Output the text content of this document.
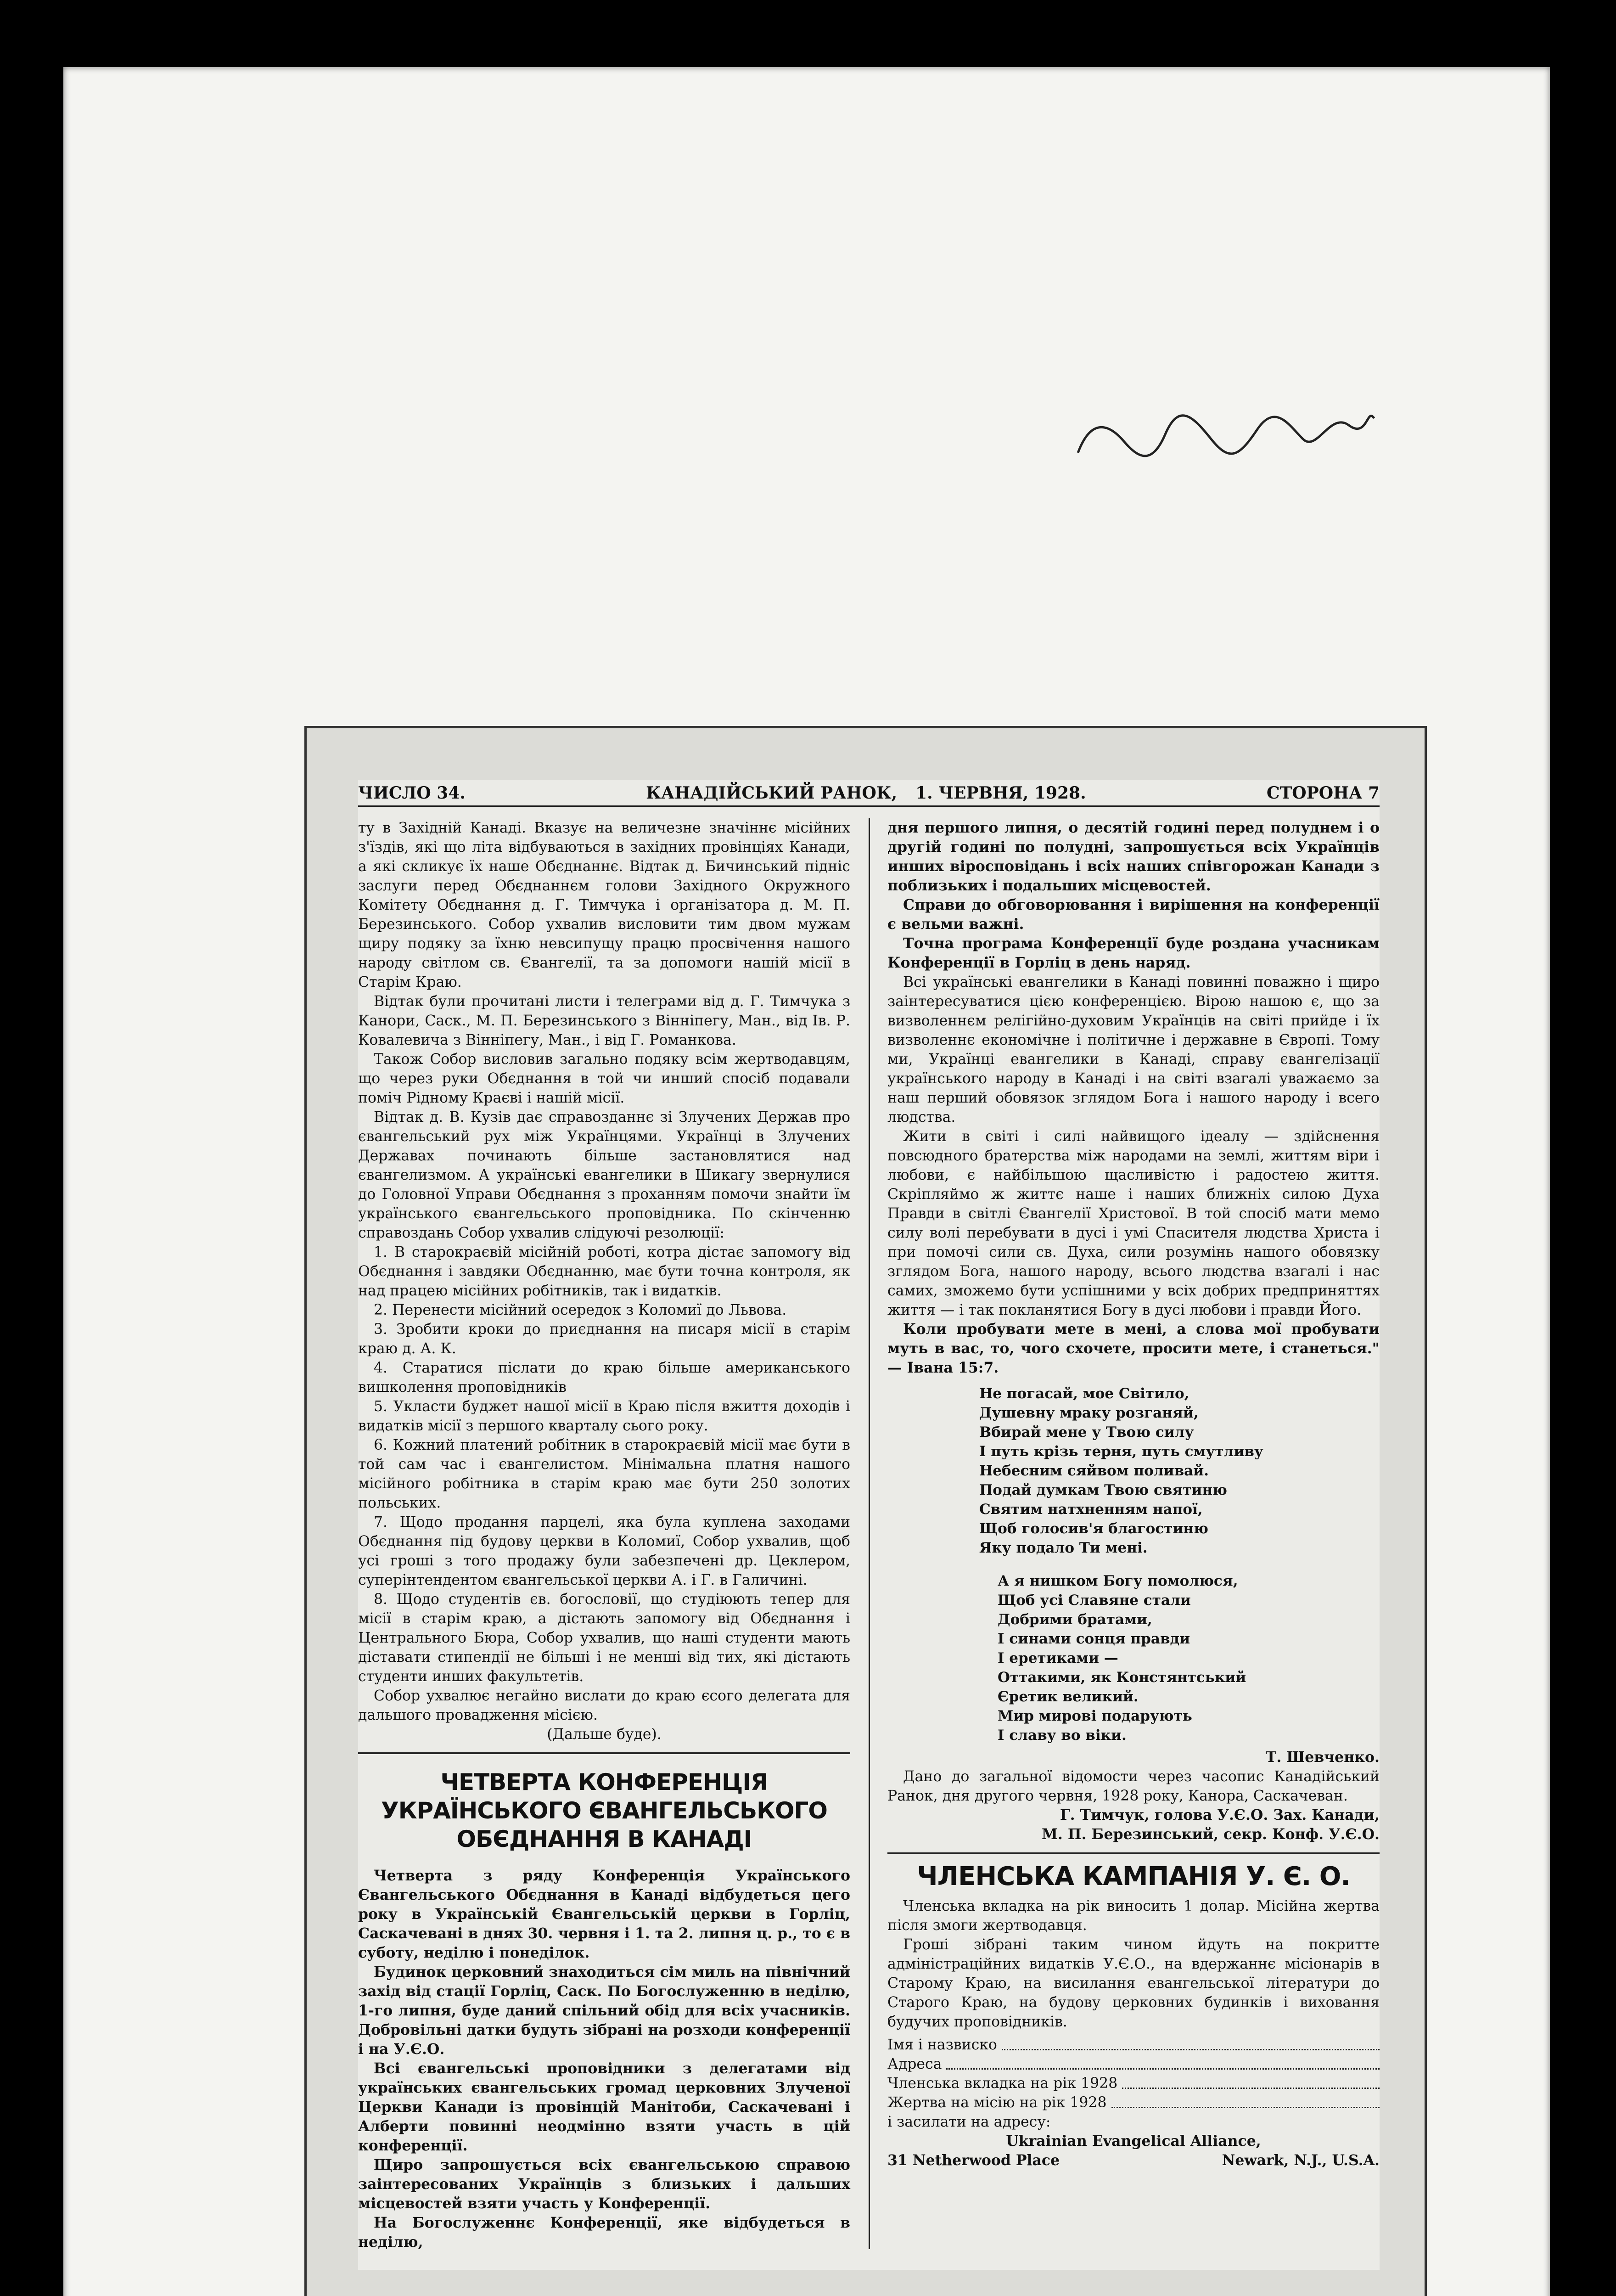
ЧИСЛО 34.	КАНАДІЙСЬКИЙ РАНОК, 1. ЧЕРВНЯ, 1928.	СТОРОНА 7

ту в Західній Канаді. Вказує на величезне значіннє місійних з'їздів, які що літа відбуваються в західних провінціях Канади, а які скликує їх наше Обєднаннє. Відтак д. Бичинський підніс заслуги перед Обєднаннєм голови Західного Окружного Комітету Обєднання д. Г. Тимчука і організатора д. М. П. Березинського. Собор ухвалив висловити тим двом мужам щиру подяку за їхню невсипущу працю просвічення нашого народу світлом св. Євангелії, та за допомоги нашій місії в Старім Краю.

Відтак були прочитані листи і телеграми від д. Г. Тимчука з Канори, Саск., М. П. Березинського з Вінніпегу, Ман., від Ів. Р. Ковалевича з Вінніпегу, Ман., і від Г. Романкова.

Також Собор висловив загально подяку всім жертводавцям, що через руки Обєднання в той чи инший спосіб подавали поміч Рідному Краєві і нашій місії.

Відтак д. В. Кузів дає справозданнє зі Злучених Держав про євангельський рух між Українцями. Українці в Злучених Державах починають більше застановлятися над євангелизмом. А українські евангелики в Шикагу звернулися до Головної Управи Обєднання з проханням помочи знайти їм українського євангельського проповідника. По скінченню справоздань Собор ухвалив слідуючі резолюції:

1. В старокраєвій місійній роботі, котра дістає запомогу від Обєднання і завдяки Обєднанню, має бути точна контроля, як над працею місійних робітників, так і видатків.

2. Перенести місійний осередок з Коломиї до Львова.

3. Зробити кроки до приєднання на писаря місії в старім краю д. А. К.

4. Старатися післати до краю більше американського вишколення проповідників

5. Укласти буджет нашої місії в Краю після вжиття доходів і видатків місії з першого кварталу сього року.

6. Кожний платений робітник в старокраєвій місії має бути в той сам час і євангелистом. Мінімальна платня нашого місійного робітника в старім краю має бути 250 золотих польських.

7. Щодо продання парцелі, яка була куплена заходами Обєднання під будову церкви в Коломиї, Собор ухвалив, щоб усі гроші з того продажу були забезпечені др. Цеклером, суперінтендентом євангельської церкви А. і Г. в Галичині.

8. Щодо студентів єв. богословії, що студіюють тепер для місії в старім краю, а дістають запомогу від Обєднання і Центрального Бюра, Собор ухвалив, що наші студенти мають діставати стипендії не більші і не менші від тих, які дістають студенти инших факультетів.

Собор ухвалює негайно вислати до краю єсого делегата для дальшого провадження місією.

(Дальше буде).

ЧЕТВЕРТА КОНФЕРЕНЦІЯ УКРАЇНСЬКОГО ЄВАНГЕЛЬСЬКОГО ОБЄДНАННЯ В КАНАДІ

Четверта з ряду Конференція Українського Євангельського Обєднання в Канаді відбудеться цего року в Українській Євангельській церкви в Горліц, Саскачевані в днях 30. червня і 1. та 2. липня ц. р., то є в суботу, неділю і понеділок.

Будинок церковний знаходиться сім миль на північний захід від стації Горліц, Саск. По Богослуженню в неділю, 1-го липня, буде даний спільний обід для всіх учасників. Добровільні датки будуть зібрані на розходи конференції і на У.Є.О.

Всі євангельські проповідники з делегатами від українських євангельських громад церковних Злученої Церкви Канади із провінцій Манітоби, Саскачевані і Алберти повинні неодмінно взяти участь в цій конференції.

Щиро запрошується всіх євангельською справою заінтересованих Українців з близьких і дальших місцевостей взяти участь у Конференції.

На Богослуженнє Конференції, яке відбудеться в неділю,

дня першого липня, о десятій годині перед полуднем і о другій годині по полудні, запрошується всіх Українців инших віросповідань і всіх наших співгорожан Канади з поблизьких і подальших місцевостей.

Справи до обговорювання і вирішення на конференції є вельми важні.

Точна програма Конференції буде роздана учасникам Конференції в Горліц в день наряд.

Всі українські евангелики в Канаді повинні поважно і щиро заінтересуватися цією конференцією. Вірою нашою є, що за визволеннєм релігійно-духовим Українців на світі прийде і їх визволеннє економічне і політичне і державне в Європі. Тому ми, Українці евангелики в Канаді, справу євангелізації українського народу в Канаді і на світі взагалі уважаємо за наш перший обовязок зглядом Бога і нашого народу і всего людства.

Жити в світі і силі найвищого ідеалу — здійснення повсюдного братерства між народами на землі, життям віри і любови, є найбільшою щасливістю і радостею життя. Скріпляймо ж життє наше і наших ближніх силою Духа Правди в світлі Євангелії Христової. В той спосіб мати мемо силу волі перебувати в дусі і умі Спасителя людства Христа і при помочі сили св. Духа, сили розумінь нашого обовязку зглядом Бога, нашого народу, всього людства взагалі і нас самих, зможемо бути успішними у всіх добрих предприняттях життя — і так покланятися Богу в дусі любови і правди Його.

Коли пробувати мете в мені, а слова мої пробувати муть в вас, то, чого схочете, просити мете, і станеться." — Івана 15:7.

Не погасай, мое Світило,
Душевну мраку розганяй,
Вбирай мене у Твою силу
І путь крізь терня, путь смутливу
Небесним сяйвом поливай.
Подай думкам Твою святиню
Святим натхненням напої,
Щоб голосив'я благостиню
Яку подало Ти мені.
А я нишком Богу помолюся,
Щоб усі Славяне стали
Добрими братами,
І синами сонця правди
І еретиками —
Оттакими, як Констянтський
Єретик великий.
Мир мирові подарують
І славу во віки.
Т. Шевченко.

Дано до загальної відомости через часопис Канадійський Ранок, дня другого червня, 1928 року, Канора, Саскачеван.

Г. Тимчук, голова У.Є.О. Зах. Канади,
М. П. Березинський, секр. Конф. У.Є.О.
ЧЛЕНСЬКА КАМПАНІЯ У. Є. О.

Членська вкладка на рік виносить 1 долар. Місійна жертва після змоги жертводавця.

Гроші зібрані таким чином йдуть на покритте адміністраційних видатків У.Є.О., на вдержаннє місіонарів в Старому Краю, на висилання евангельської літератури до Старого Краю, на будову церковних будинків і виховання будучих проповідників.

Імя і назвиско
Адреса
Членська вкладка на рік 1928
Жертва на місію на рік 1928
і засилати на адресу:
Ukrainian Evangelical Alliance,
31 Netherwood Place	Newark, N.J., U.S.A.
